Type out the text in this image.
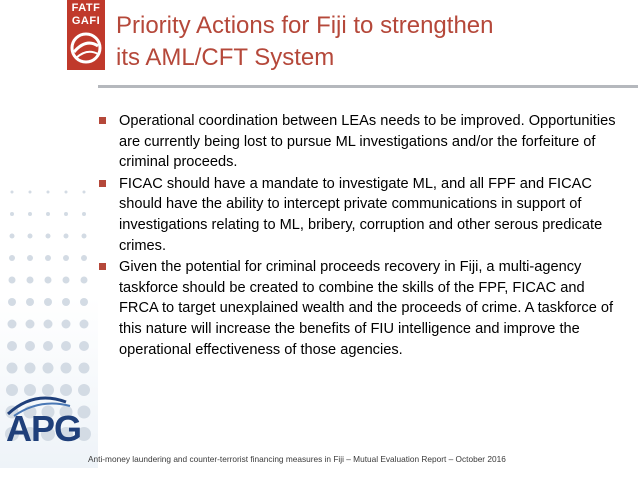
FATF
GAFI Priority Actions for Fiji to strengthen
its AML/CFT System
Operational coordination between LEAs needs to be improved. Opportunities are currently being lost to pursue ML investigations and/or the forfeiture of criminal proceeds.
FICAC should have a mandate to investigate ML, and all FPF and FICAC should have the ability to intercept private communications in support of investigations relating to ML, bribery, corruption and other serous predicate crimes.
Given the potential for criminal proceeds recovery in Fiji, a multi-agency taskforce should be created to combine the skills of the FPF, FICAC and FRCA to target unexplained wealth and the proceeds of crime. A taskforce of this nature will increase the benefits of FIU intelligence and improve the operational effectiveness of those agencies.
APG
Anti-money laundering and counter-terrorist financing measures in Fiji – Mutual Evaluation Report – October 2016
